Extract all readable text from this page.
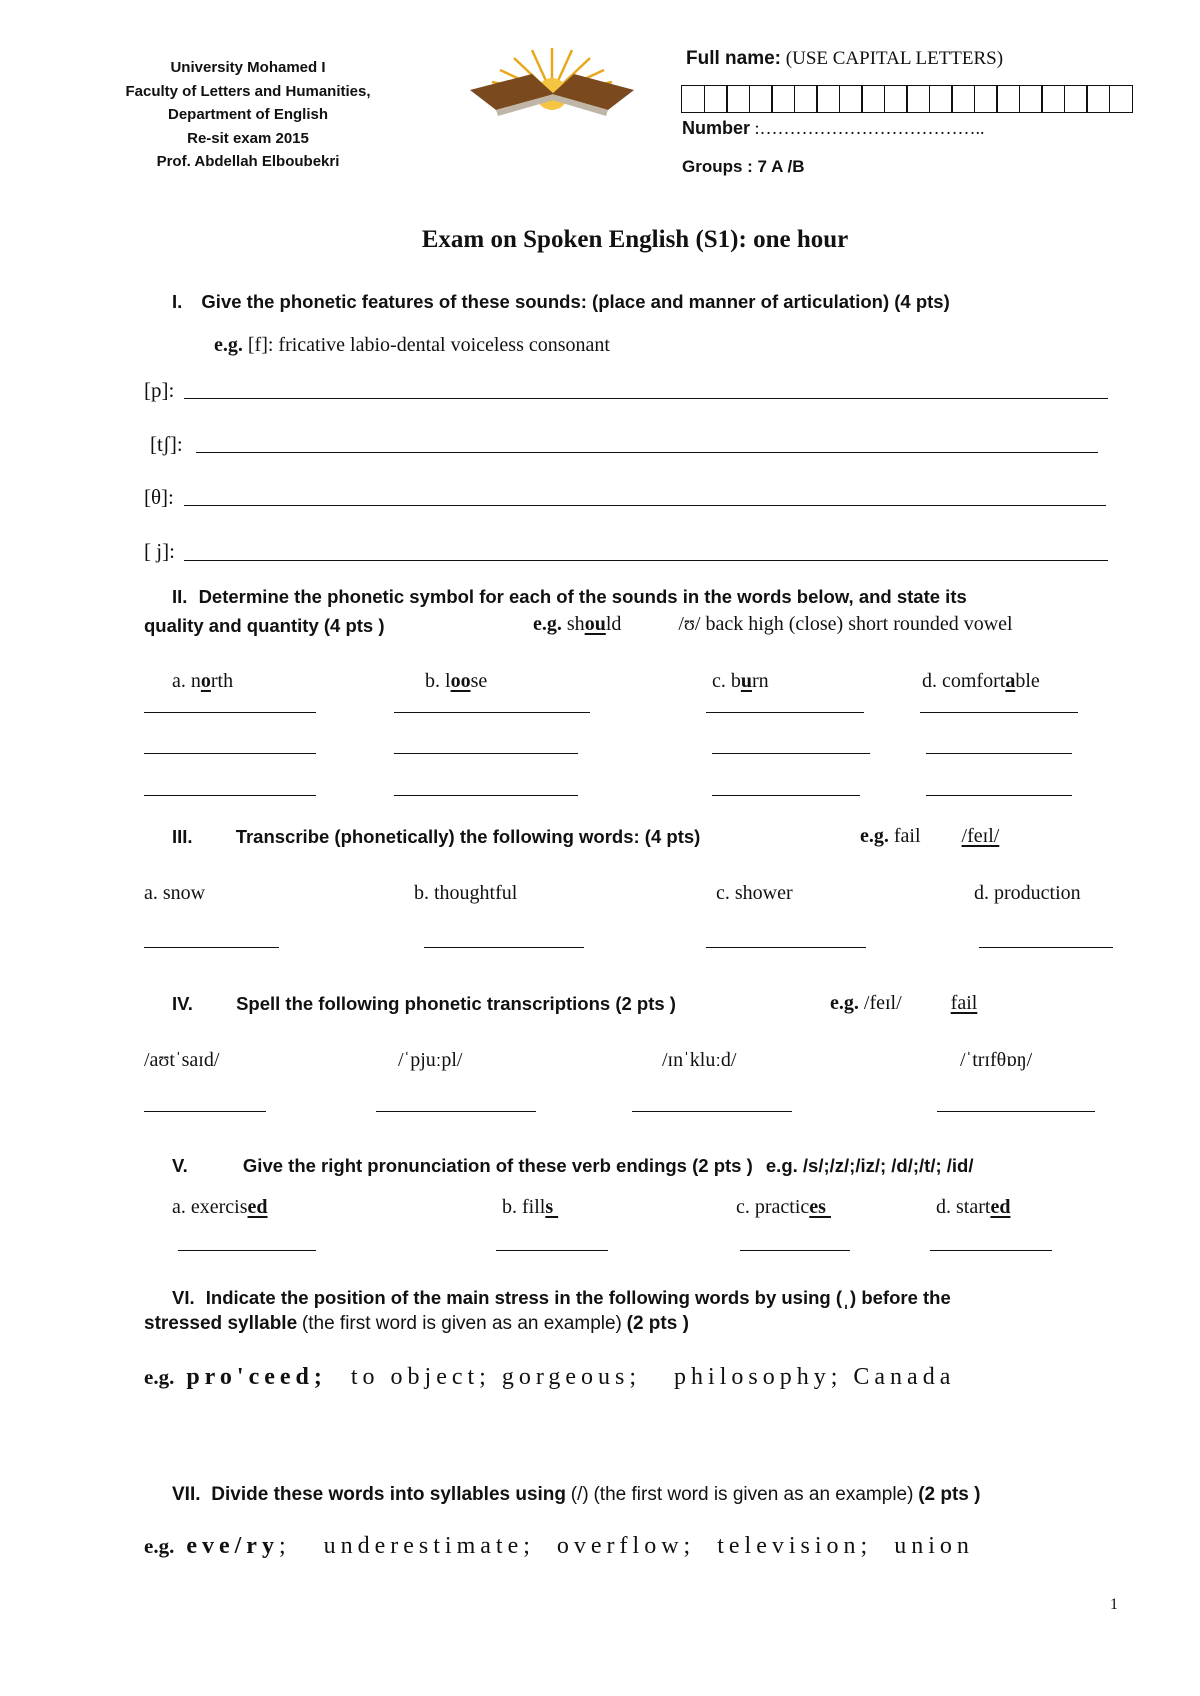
University Mohamed I
Faculty of Letters and Humanities,
Department of English
Re-sit exam 2015
Prof. Abdellah Elboubekri
Full name: (USE CAPITAL LETTERS)
Number :………………………………..
Groups : 7 A /B
Exam on Spoken English (S1): one hour
I. Give the phonetic features of these sounds: (place and manner of articulation) (4 pts)
e.g. [f]: fricative labio-dental voiceless consonant
[p]:
[tʃ]:
[θ]:
[ j]:
II. Determine the phonetic symbol for each of the sounds in the words below, and state its
quality and quantity (4 pts )	e.g. should	/ʊ/ back high (close) short rounded vowel
a. north	b. loose	c. burn	d. comfortable
III. Transcribe (phonetically) the following words: (4 pts)	e.g. fail /feɪl/
a. snow	b. thoughtful	c. shower	d. production
IV. Spell the following phonetic transcriptions (2 pts )	e.g. /feɪl/ fail
/aʊtˈsaɪd/	/ˈpjuːpl/	/ɪnˈkluːd/	/ˈtrɪfθɒŋ/
V.	Give the right pronunciation of these verb endings (2 pts ) e.g. /s/;/z/;/iz/; /d/;/t/; /id/
a. exercised	b. fills	c. practices	d. started
VI. Indicate the position of the main stress in the following words by using (ˌ) before the
stressed syllable (the first word is given as an example) (2 pts )
e.g. pro'ceed; to object; gorgeous;   philosophy; Canada
VII. Divide these words into syllables using (/) (the first word is given as an example) (2 pts )
e.g. eve/ry;   underestimate;  overflow;  television;  union
1
